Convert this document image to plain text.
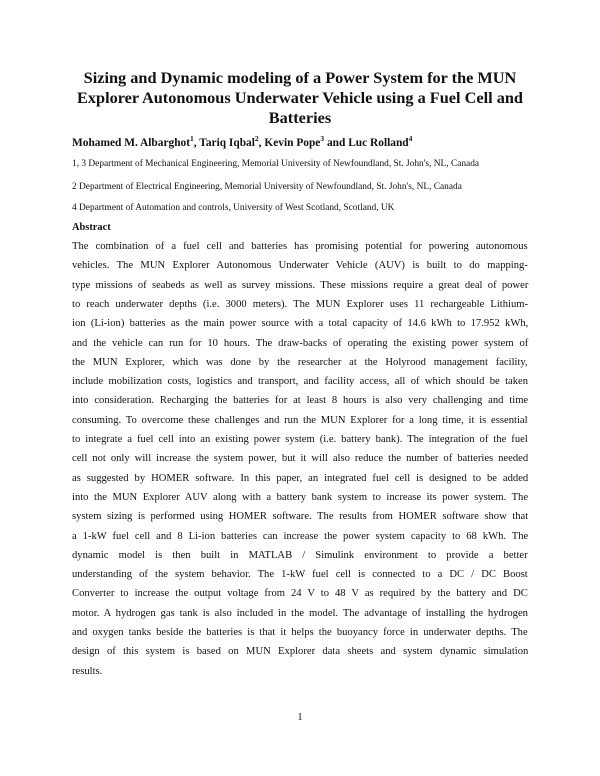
Sizing and Dynamic modeling of a Power System for the MUN
Explorer Autonomous Underwater Vehicle using a Fuel Cell and
Batteries
Mohamed M. Albarghot$^1$, Tariq Iqbal$^2$, Kevin Pope$^3$ and Luc Rolland$^4$
1, 3 Department of Mechanical Engineering, Memorial University of Newfoundland, St. John's, NL, Canada
2 Department of Electrical Engineering, Memorial University of Newfoundland, St. John's, NL, Canada
4 Department of Automation and controls, University of West Scotland, Scotland, UK
Abstract
The combination of a fuel cell and batteries has promising potential for powering autonomous
vehicles. The MUN Explorer Autonomous Underwater Vehicle (AUV) is built to do mapping-
type missions of seabeds as well as survey missions. These missions require a great deal of power
to reach underwater depths (i.e. 3000 meters). The MUN Explorer uses 11 rechargeable Lithium-
ion (Li-ion) batteries as the main power source with a total capacity of 14.6 kWh to 17.952 kWh,
and the vehicle can run for 10 hours. The draw-backs of operating the existing power system of
the MUN Explorer, which was done by the researcher at the Holyrood management facility,
include mobilization costs, logistics and transport, and facility access, all of which should be taken
into consideration. Recharging the batteries for at least 8 hours is also very challenging and time
consuming. To overcome these challenges and run the MUN Explorer for a long time, it is essential
to integrate a fuel cell into an existing power system (i.e. battery bank). The integration of the fuel
cell not only will increase the system power, but it will also reduce the number of batteries needed
as suggested by HOMER software. In this paper, an integrated fuel cell is designed to be added
into the MUN Explorer AUV along with a battery bank system to increase its power system. The
system sizing is performed using HOMER software. The results from HOMER software show that
a 1-kW fuel cell and 8 Li-ion batteries can increase the power system capacity to 68 kWh. The
dynamic model is then built in MATLAB / Simulink environment to provide a better
understanding of the system behavior. The 1-kW fuel cell is connected to a DC / DC Boost
Converter to increase the output voltage from 24 V to 48 V as required by the battery and DC
motor. A hydrogen gas tank is also included in the model. The advantage of installing the hydrogen
and oxygen tanks beside the batteries is that it helps the buoyancy force in underwater depths. The
design of this system is based on MUN Explorer data sheets and system dynamic simulation
results.
1
